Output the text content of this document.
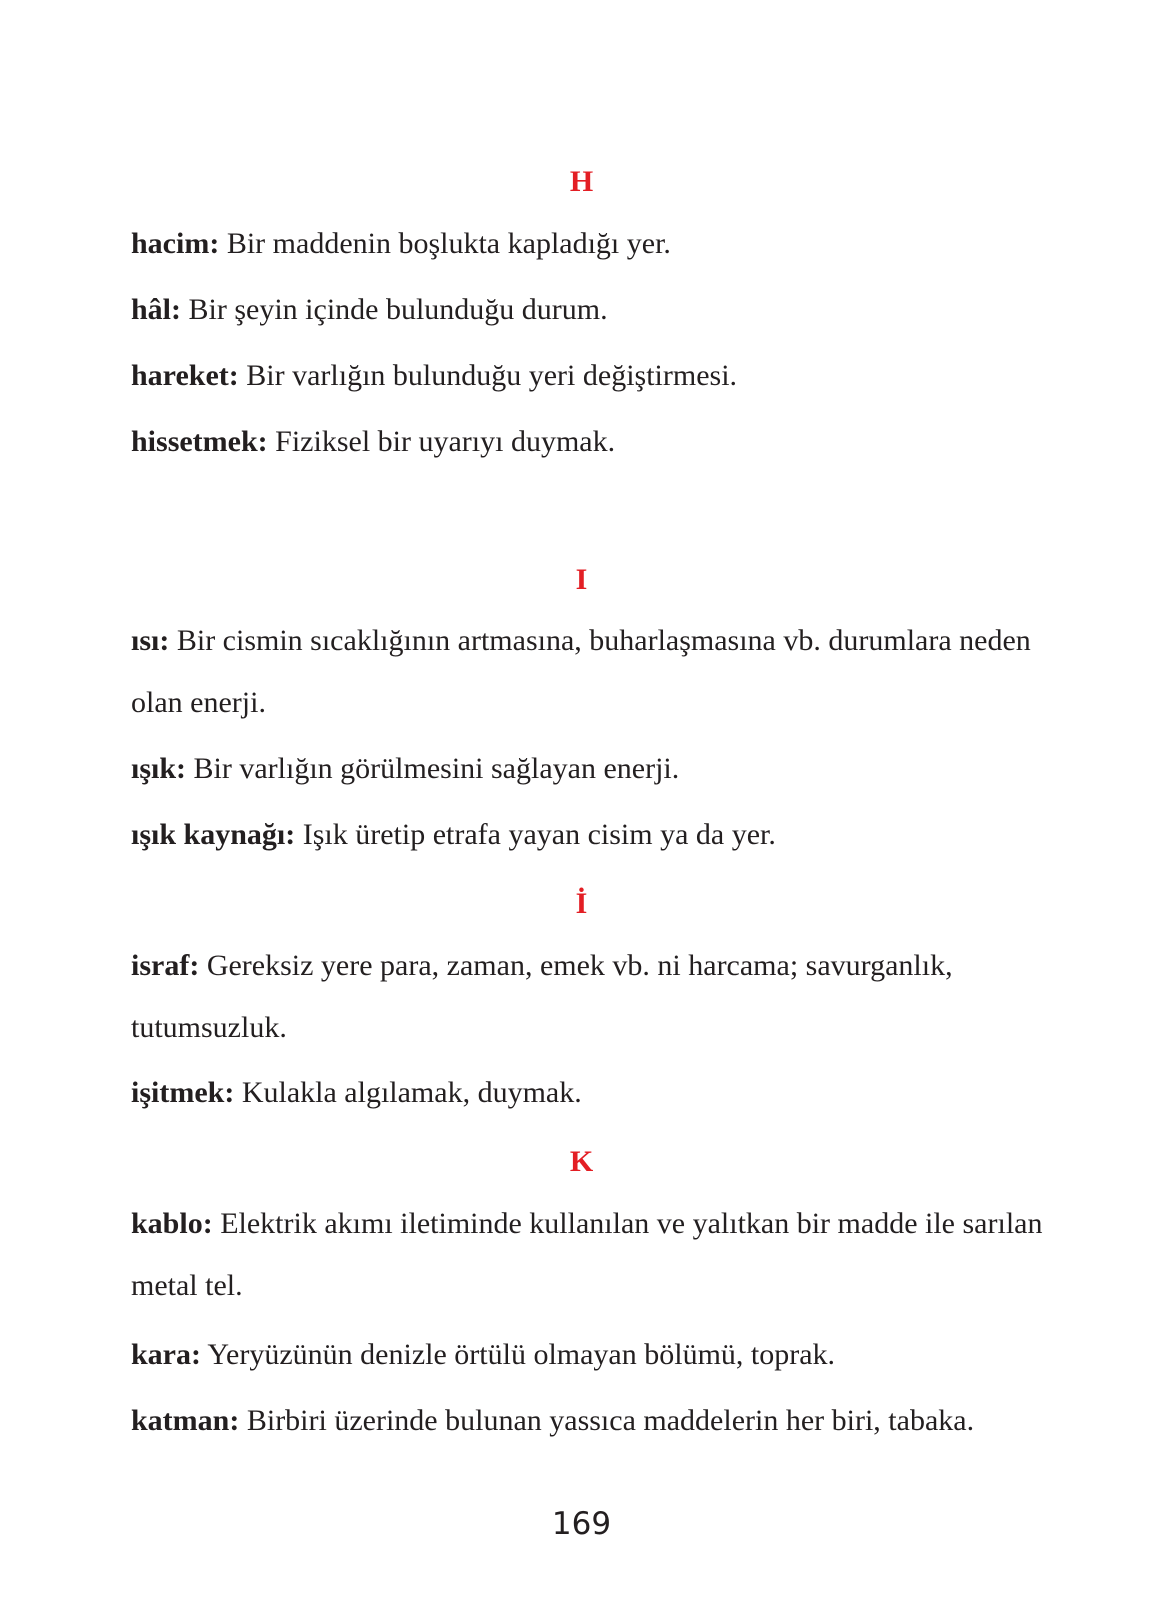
H

hacim: Bir maddenin boşlukta kapladığı yer.

hâl: Bir şeyin içinde bulunduğu durum.

hareket: Bir varlığın bulunduğu yeri değiştirmesi.

hissetmek: Fiziksel bir uyarıyı duymak.

I

ısı: Bir cismin sıcaklığının artmasına, buharlaşmasına vb. durumlara neden olan enerji.

ışık: Bir varlığın görülmesini sağlayan enerji.

ışık kaynağı: Işık üretip etrafa yayan cisim ya da yer.

İ

israf: Gereksiz yere para, zaman, emek vb. ni harcama; savurganlık, tutumsuzluk.

işitmek: Kulakla algılamak, duymak.

K

kablo: Elektrik akımı iletiminde kullanılan ve yalıtkan bir madde ile sarılan metal tel.

kara: Yeryüzünün denizle örtülü olmayan bölümü, toprak.

katman: Birbiri üzerinde bulunan yassıca maddelerin her biri, tabaka.

169
